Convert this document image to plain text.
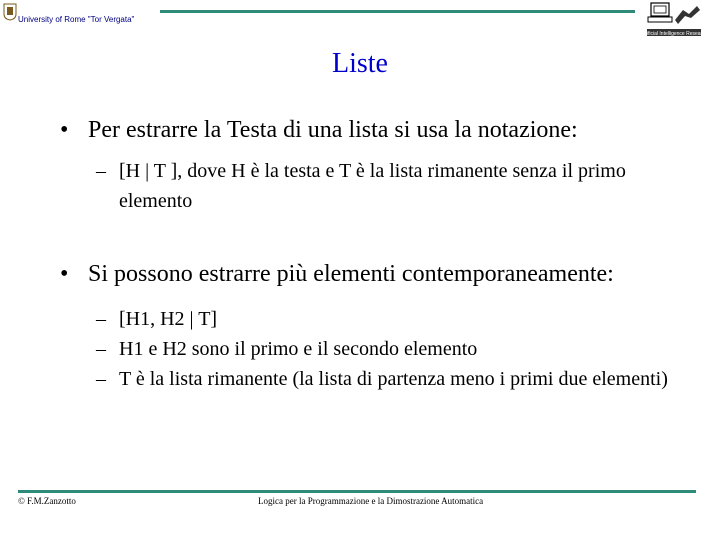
University of Rome "Tor Vergata"
Artificial Intelligence Research
Liste
• Per estrarre la Testa di una lista si usa la notazione:
– [H | T ], dove H è la testa e T è la lista rimanente senza il primo elemento
• Si possono estrarre più elementi contemporaneamente:
– [H1, H2 | T]
– H1 e H2 sono il primo e il secondo elemento
– T è la lista rimanente (la lista di partenza meno i primi due elementi)
© F.M.Zanzotto	Logica per la Programmazione e la Dimostrazione Automatica
